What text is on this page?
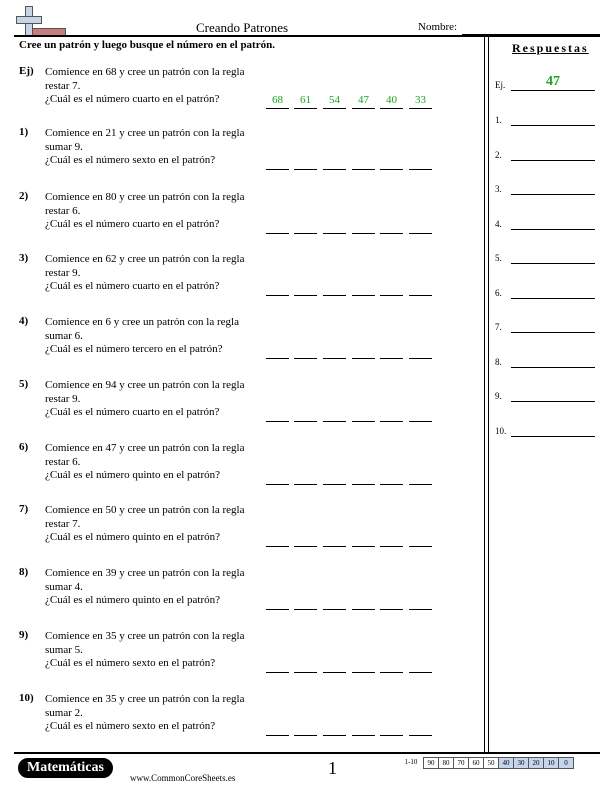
Creando Patrones	Nombre:
Cree un patrón y luego busque el número en el patrón.
Ej) Comience en 68 y cree un patrón con la regla restar 7.
¿Cuál es el número cuarto en el patrón?	68	61	54	47	40	33
1) Comience en 21 y cree un patrón con la regla sumar 9.
¿Cuál es el número sexto en el patrón?
2) Comience en 80 y cree un patrón con la regla restar 6.
¿Cuál es el número cuarto en el patrón?
3) Comience en 62 y cree un patrón con la regla restar 9.
¿Cuál es el número cuarto en el patrón?
4) Comience en 6 y cree un patrón con la regla sumar 6.
¿Cuál es el número tercero en el patrón?
5) Comience en 94 y cree un patrón con la regla restar 9.
¿Cuál es el número cuarto en el patrón?
6) Comience en 47 y cree un patrón con la regla restar 6.
¿Cuál es el número quinto en el patrón?
7) Comience en 50 y cree un patrón con la regla restar 7.
¿Cuál es el número quinto en el patrón?
8) Comience en 39 y cree un patrón con la regla sumar 4.
¿Cuál es el número quinto en el patrón?
9) Comience en 35 y cree un patrón con la regla sumar 5.
¿Cuál es el número sexto en el patrón?
10) Comience en 35 y cree un patrón con la regla sumar 2.
¿Cuál es el número sexto en el patrón?
Respuestas
Ej.	47
1.
2.
3.
4.
5.
6.
7.
8.
9.
10.
Matemáticas
www.CommonCoreSheets.es	1	1-10	90	80	70	60	50	40	30	20	10	0
